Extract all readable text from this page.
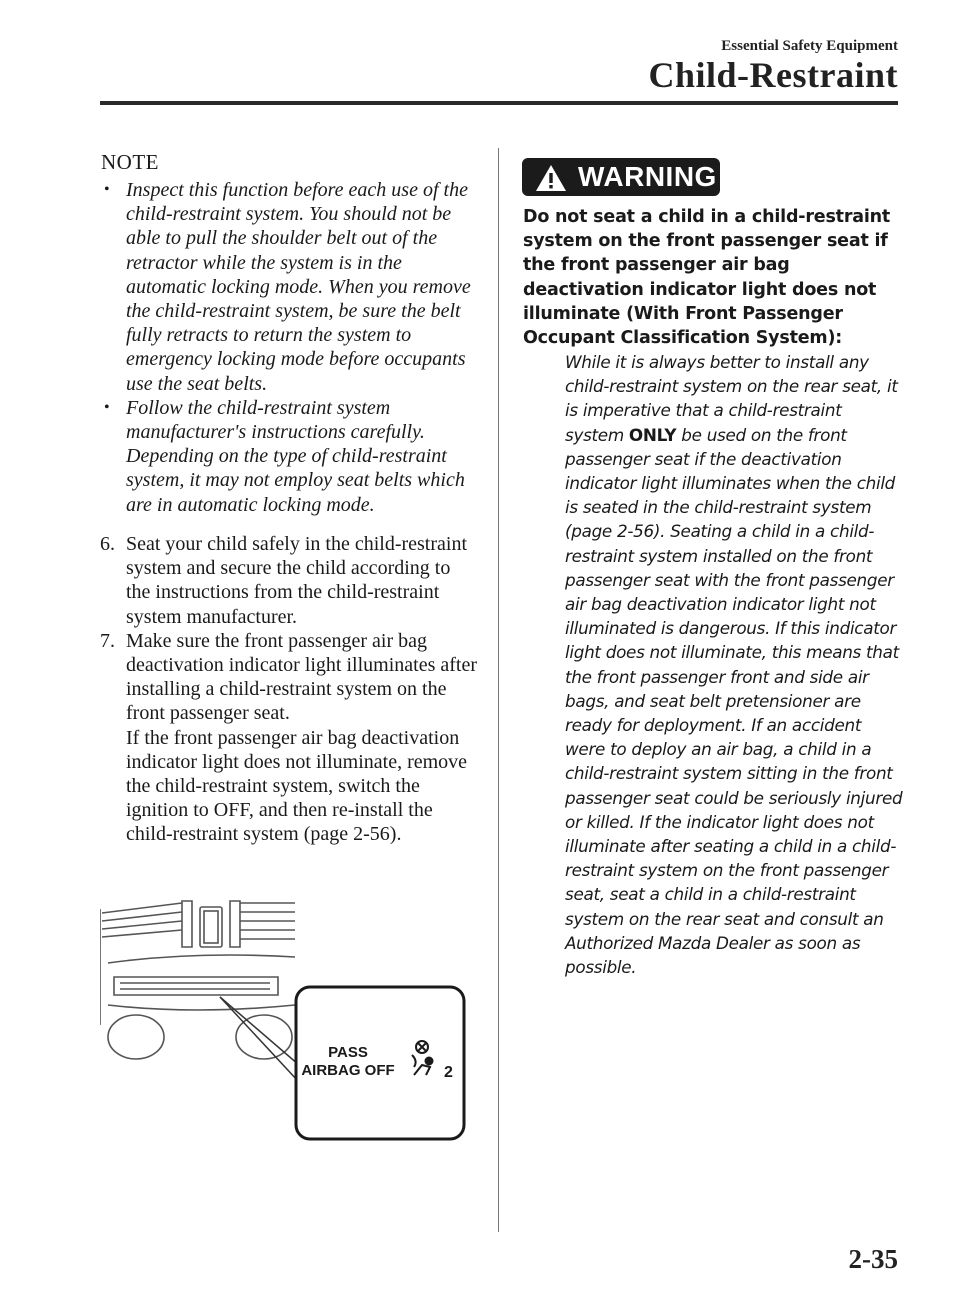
Essential Safety Equipment
Child-Restraint
NOTE
• Inspect this function before each use of the child-restraint system. You should not be able to pull the shoulder belt out of the retractor while the system is in the automatic locking mode. When you remove the child-restraint system, be sure the belt fully retracts to return the system to emergency locking mode before occupants use the seat belts.
• Follow the child-restraint system manufacturer's instructions carefully. Depending on the type of child-restraint system, it may not employ seat belts which are in automatic locking mode.
6. Seat your child safely in the child-restraint system and secure the child according to the instructions from the child-restraint system manufacturer.

7. Make sure the front passenger air bag deactivation indicator light illuminates after installing a child-restraint system on the front passenger seat.

If the front passenger air bag deactivation indicator light does not illuminate, remove the child-restraint system, switch the ignition to OFF, and then re-install the child-restraint system (page 2-56).

PASS
AIRBAG OFF	2
WARNING
Do not seat a child in a child-restraint system on the front passenger seat if the front passenger air bag deactivation indicator light does not illuminate (With Front Passenger Occupant Classification System):
While it is always better to install any child-restraint system on the rear seat, it is imperative that a child-restraint system ONLY be used on the front passenger seat if the deactivation indicator light illuminates when the child is seated in the child-restraint system (page 2-56). Seating a child in a child-restraint system installed on the front passenger seat with the front passenger air bag deactivation indicator light not illuminated is dangerous. If this indicator light does not illuminate, this means that the front passenger front and side air bags, and seat belt pretensioner are ready for deployment. If an accident were to deploy an air bag, a child in a child-restraint system sitting in the front passenger seat could be seriously injured or killed. If the indicator light does not illuminate after seating a child in a child-restraint system on the front passenger seat, seat a child in a child-restraint system on the rear seat and consult an Authorized Mazda Dealer as soon as possible.
2-35
